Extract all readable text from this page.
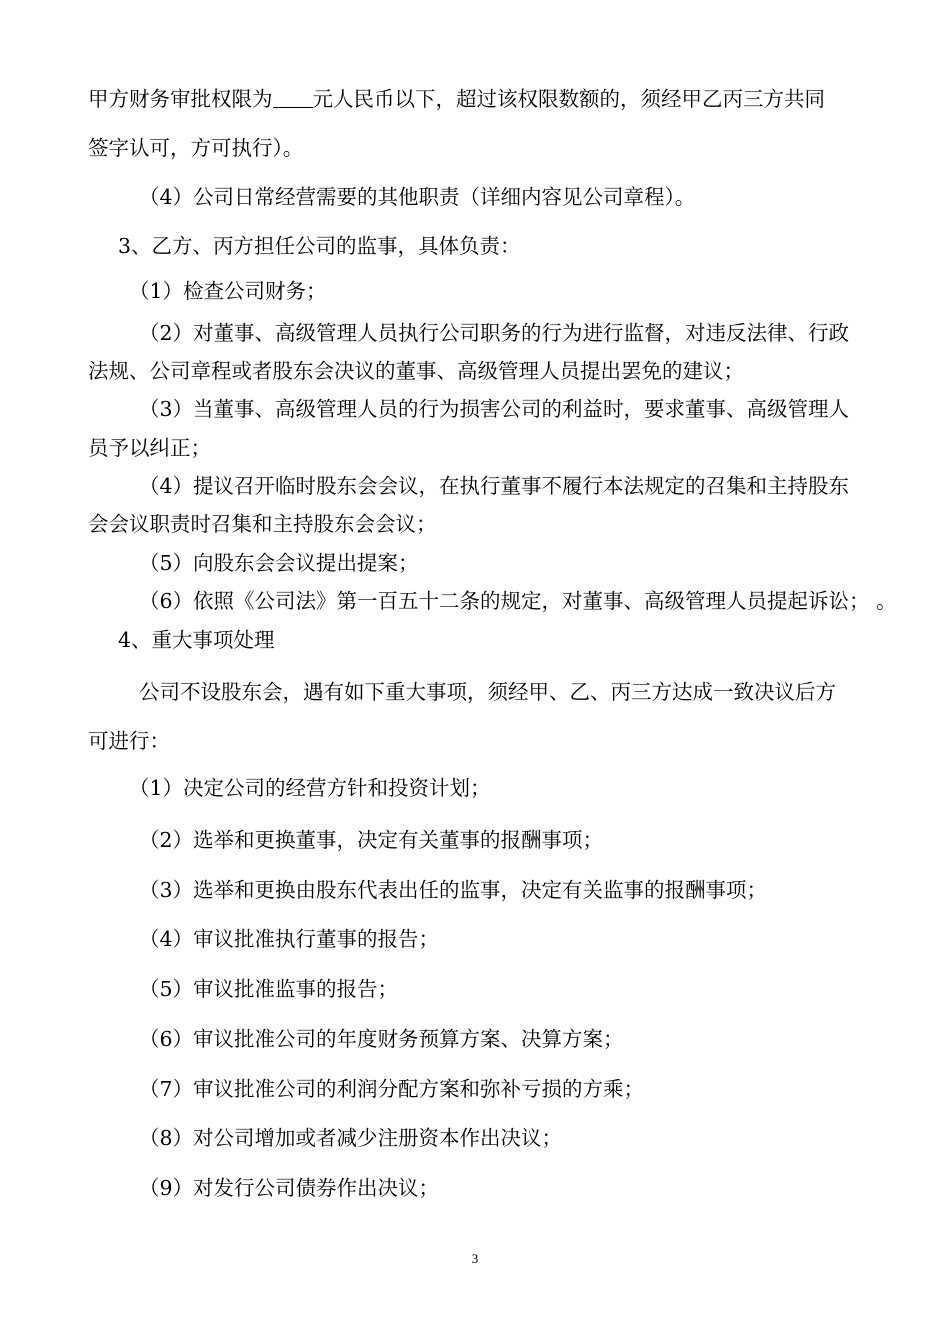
甲方财务审批权限为 元人民币以下，超过该权限数额的，须经甲乙丙三方共同
签字认可，方可执行）。
（4）公司日常经营需要的其他职责（详细内容见公司章程）。
3、乙方、丙方担任公司的监事，具体负责：
（1）检查公司财务；
（2）对董事、高级管理人员执行公司职务的行为进行监督，对违反法律、行政
法规、公司章程或者股东会决议的董事、高级管理人员提出罢免的建议；
（3）当董事、高级管理人员的行为损害公司的利益时，要求董事、高级管理人
员予以纠正；
（4）提议召开临时股东会会议，在执行董事不履行本法规定的召集和主持股东
会会议职责时召集和主持股东会会议；
（5）向股东会会议提出提案；
（6）依照《公司法》第一百五十二条的规定，对董事、高级管理人员提起诉讼； 。
4、重大事项处理
公司不设股东会，遇有如下重大事项，须经甲、乙、丙三方达成一致决议后方
可进行：
（1）决定公司的经营方针和投资计划；
（2）选举和更换董事，决定有关董事的报酬事项；
（3）选举和更换由股东代表出任的监事，决定有关监事的报酬事项；
（4）审议批准执行董事的报告；
（5）审议批准监事的报告；
（6）审议批准公司的年度财务预算方案、决算方案；
（7）审议批准公司的利润分配方案和弥补亏损的方乘；
（8）对公司增加或者减少注册资本作出决议；
（9）对发行公司债券作出决议；
3
